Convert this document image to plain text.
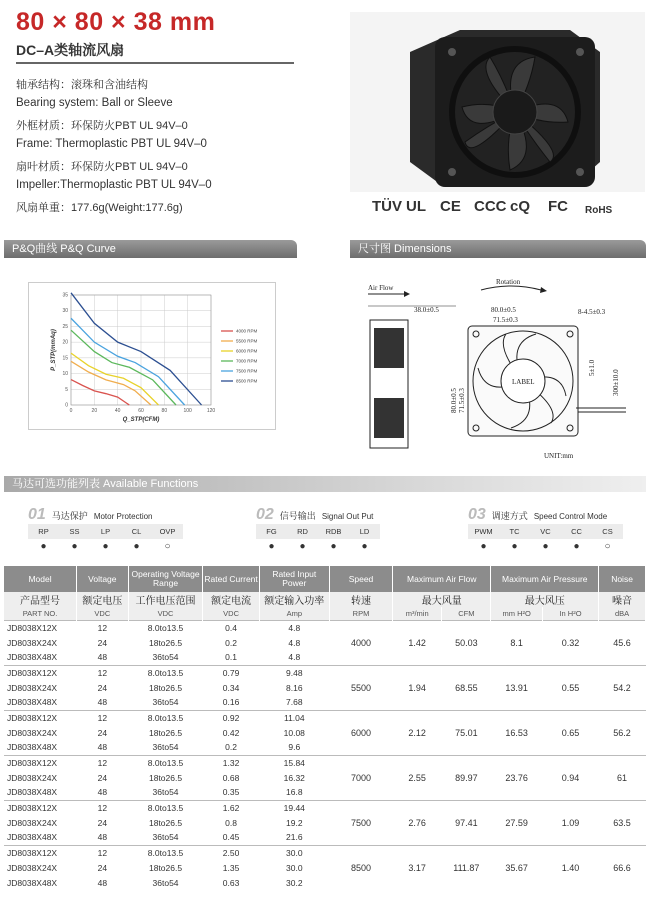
80 × 80 × 38 mm
DC–A类轴流风扇
轴承结构：滚珠和含油结构
Bearing system: Ball or Sleeve
外框材质：环保防火PBT UL 94V–0
Frame: Thermoplastic PBT UL 94V–0
扇叶材质：环保防火PBT UL 94V–0
Impeller:Thermoplastic PBT UL 94V–0
风扇单重：177.6g(Weight:177.6g)	TÜV UL CE CCC cQ FC RoHS
P&Q曲线 P&Q Curve	尺寸图 Dimensions
0	20	40	60	80	100	120
0
5
10
15
20
25
30
35
Q_STP(CFM)
P_STP(mmAq)	4000 RPM
5500 RPM
6000 RPM
7000 RPM
7500 RPM
8500 RPM
Air Flow
38.0±0.5
Rotation
80.0±0.5
71.5±0.3
8-4.5±0.3
LABEL
80.0±0.5 71.5±0.3
5±1.0
300±10.0
UNIT:mm
马达可选功能列表 Available Functions
01 马达保护 Motor Protection
RP	SS	LP	CL	OVP
●	●	●	●	○
02 信号输出 Signal Out Put
FG	RD	RDB	LD
●	●	●	●
03 调速方式 Speed Control Mode
PWM	TC	VC	CC	CS
●	●	●	●	○
Model	Voltage	Operating Voltage Range	Rated Current	Rated Input Power	Speed	Maximum Air Flow		Maximum Air Pressure		Noise
产品型号	额定电压	工作电压范围	额定电流	额定输入功率	转速	最大风量		最大风压		噪音
PART NO.	VDC	VDC	VDC	Amp	RPM	m³/min	CFM	mm H²O	In H²O	dBA
JD8038X12X	12	8.0to13.5	0.4	4.8	4000	1.42	50.03	8.1	0.32	45.6
JD8038X24X	24	18to26.5	0.2	4.8						
JD8038X48X	48	36to54	0.1	4.8						
JD8038X12X	12	8.0to13.5	0.79	9.48	5500	1.94	68.55	13.91	0.55	54.2
JD8038X24X	24	18to26.5	0.34	8.16						
JD8038X48X	48	36to54	0.16	7.68						
JD8038X12X	12	8.0to13.5	0.92	11.04	6000	2.12	75.01	16.53	0.65	56.2
JD8038X24X	24	18to26.5	0.42	10.08						
JD8038X48X	48	36to54	0.2	9.6						
JD8038X12X	12	8.0to13.5	1.32	15.84	7000	2.55	89.97	23.76	0.94	61
JD8038X24X	24	18to26.5	0.68	16.32						
JD8038X48X	48	36to54	0.35	16.8						
JD8038X12X	12	8.0to13.5	1.62	19.44	7500	2.76	97.41	27.59	1.09	63.5
JD8038X24X	24	18to26.5	0.8	19.2						
JD8038X48X	48	36to54	0.45	21.6						
JD8038X12X	12	8.0to13.5	2.50	30.0	8500	3.17	111.87	35.67	1.40	66.6
JD8038X24X	24	18to26.5	1.35	30.0						
JD8038X48X	48	36to54	0.63	30.2						
